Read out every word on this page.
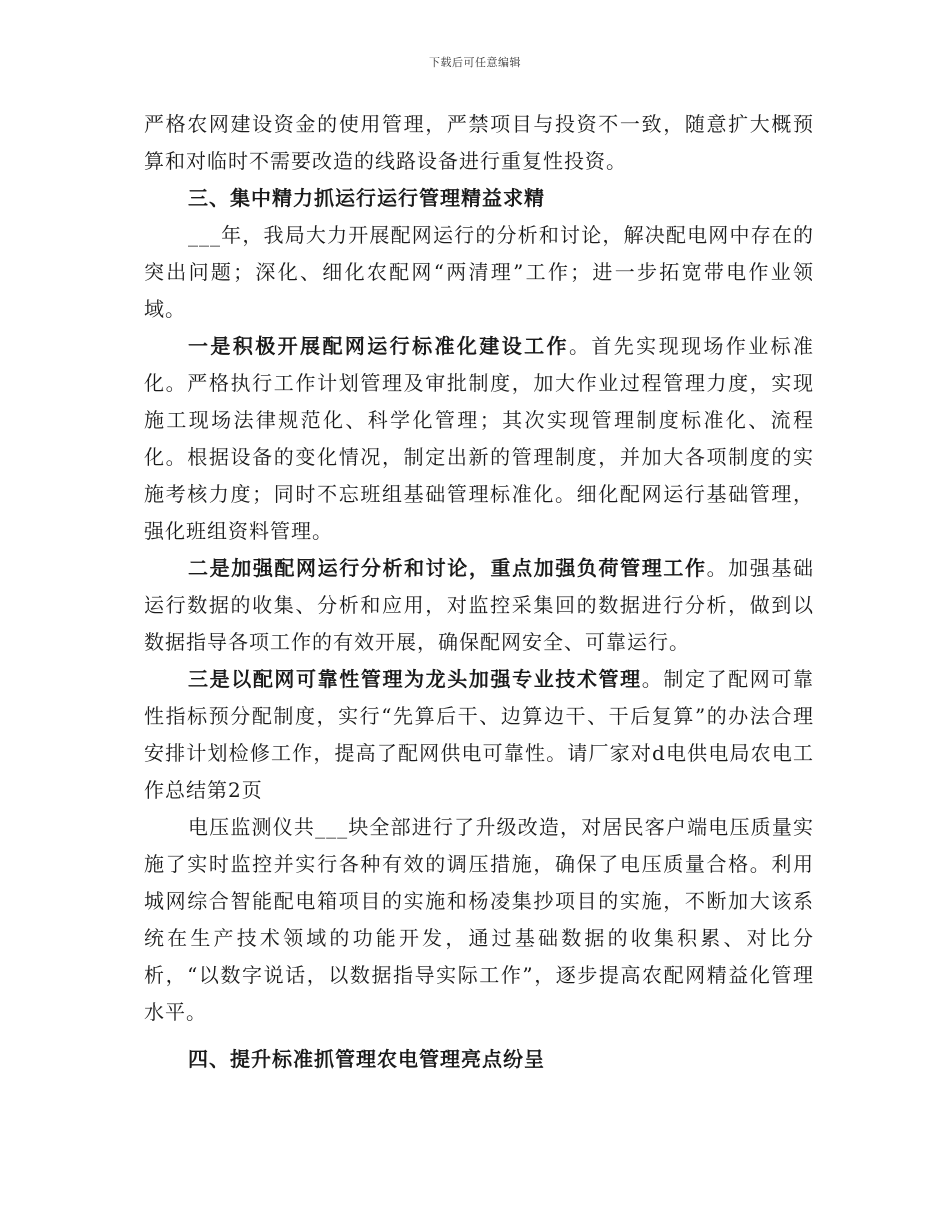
下载后可任意编辑

严格农网建设资金的使用管理，严禁项目与投资不一致，随意扩大概预算和对临时不需要改造的线路设备进行重复性投资。

三、集中精力抓运行运行管理精益求精

___年，我局大力开展配网运行的分析和讨论，解决配电网中存在的突出问题；深化、细化农配网“两清理”工作；进一步拓宽带电作业领域。

一是积极开展配网运行标准化建设工作。首先实现现场作业标准化。严格执行工作计划管理及审批制度，加大作业过程管理力度，实现施工现场法律规范化、科学化管理；其次实现管理制度标准化、流程化。根据设备的变化情况，制定出新的管理制度，并加大各项制度的实施考核力度；同时不忘班组基础管理标准化。细化配网运行基础管理，强化班组资料管理。

二是加强配网运行分析和讨论，重点加强负荷管理工作。加强基础运行数据的收集、分析和应用，对监控采集回的数据进行分析，做到以数据指导各项工作的有效开展，确保配网安全、可靠运行。

三是以配网可靠性管理为龙头加强专业技术管理。制定了配网可靠性指标预分配制度，实行“先算后干、边算边干、干后复算”的办法合理安排计划检修工作，提高了配网供电可靠性。请厂家对d电供电局农电工作总结第2页

电压监测仪共___块全部进行了升级改造，对居民客户端电压质量实施了实时监控并实行各种有效的调压措施，确保了电压质量合格。利用城网综合智能配电箱项目的实施和杨凌集抄项目的实施，不断加大该系统在生产技术领域的功能开发，通过基础数据的收集积累、对比分析，“以数字说话，以数据指导实际工作”，逐步提高农配网精益化管理水平。

四、提升标准抓管理农电管理亮点纷呈
